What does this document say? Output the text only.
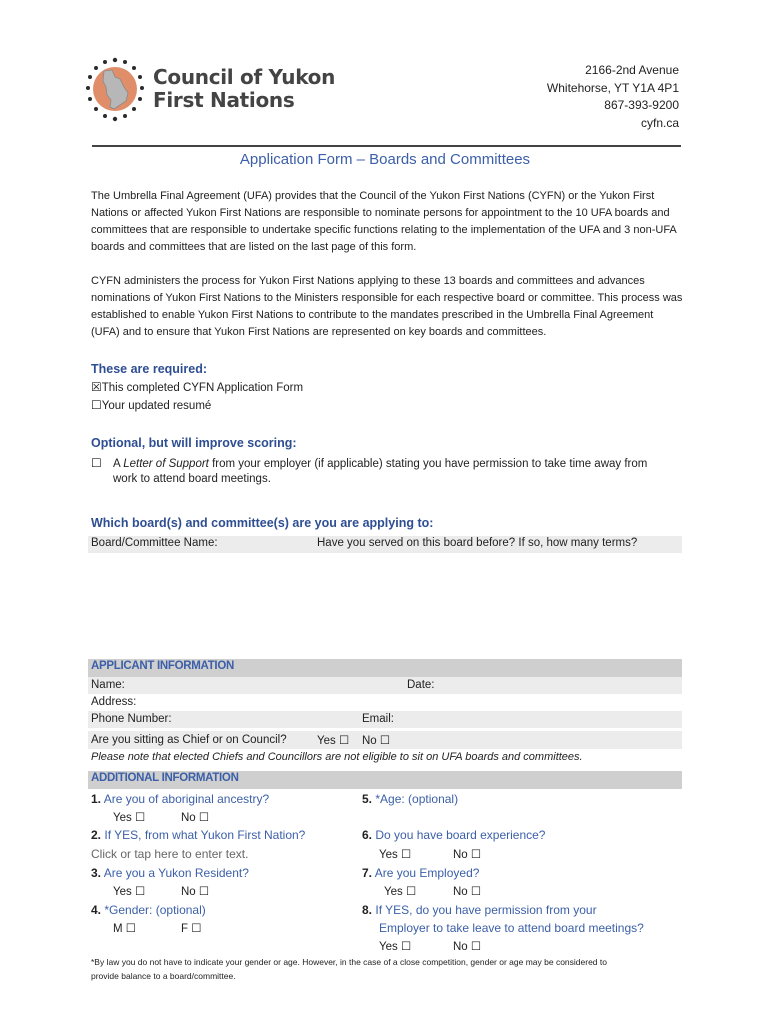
Council of Yukon
First Nations
2166-2nd Avenue
Whitehorse, YT Y1A 4P1
867-393-9200
cyfn.ca
Application Form – Boards and Committees
The Umbrella Final Agreement (UFA) provides that the Council of the Yukon First Nations (CYFN) or the Yukon First Nations or affected Yukon First Nations are responsible to nominate persons for appointment to the 10 UFA boards and committees that are responsible to undertake specific functions relating to the implementation of the UFA and 3 non-UFA boards and committees that are listed on the last page of this form.
CYFN administers the process for Yukon First Nations applying to these 13 boards and committees and advances nominations of Yukon First Nations to the Ministers responsible for each respective board or committee. This process was established to enable Yukon First Nations to contribute to the mandates prescribed in the Umbrella Final Agreement (UFA) and to ensure that Yukon First Nations are represented on key boards and committees.
These are required:
☒This completed CYFN Application Form
☐Your updated resumé
Optional, but will improve scoring:
☐ A Letter of Support from your employer (if applicable) stating you have permission to take time away from
work to attend board meetings.
Which board(s) and committee(s) are you are applying to:
Board/Committee Name:	Have you served on this board before? If so, how many terms?
APPLICANT INFORMATION
Name:	Date:
Address:
Phone Number:	Email:
Are you sitting as Chief or on Council?	Yes ☐ No ☐
Please note that elected Chiefs and Councillors are not eligible to sit on UFA boards and committees.
ADDITIONAL INFORMATION
1. Are you of aboriginal ancestry?
Yes ☐	No ☐
2. If YES, from what Yukon First Nation?
Click or tap here to enter text.
3. Are you a Yukon Resident?
Yes ☐	No ☐
4. *Gender: (optional)
M ☐	F ☐
5. *Age: (optional)
6. Do you have board experience?
Yes ☐	No ☐
7. Are you Employed?
Yes ☐	No ☐
8. If YES, do you have permission from your
Employer to take leave to attend board meetings?
Yes ☐	No ☐
*By law you do not have to indicate your gender or age. However, in the case of a close competition, gender or age may be considered to
provide balance to a board/committee.
